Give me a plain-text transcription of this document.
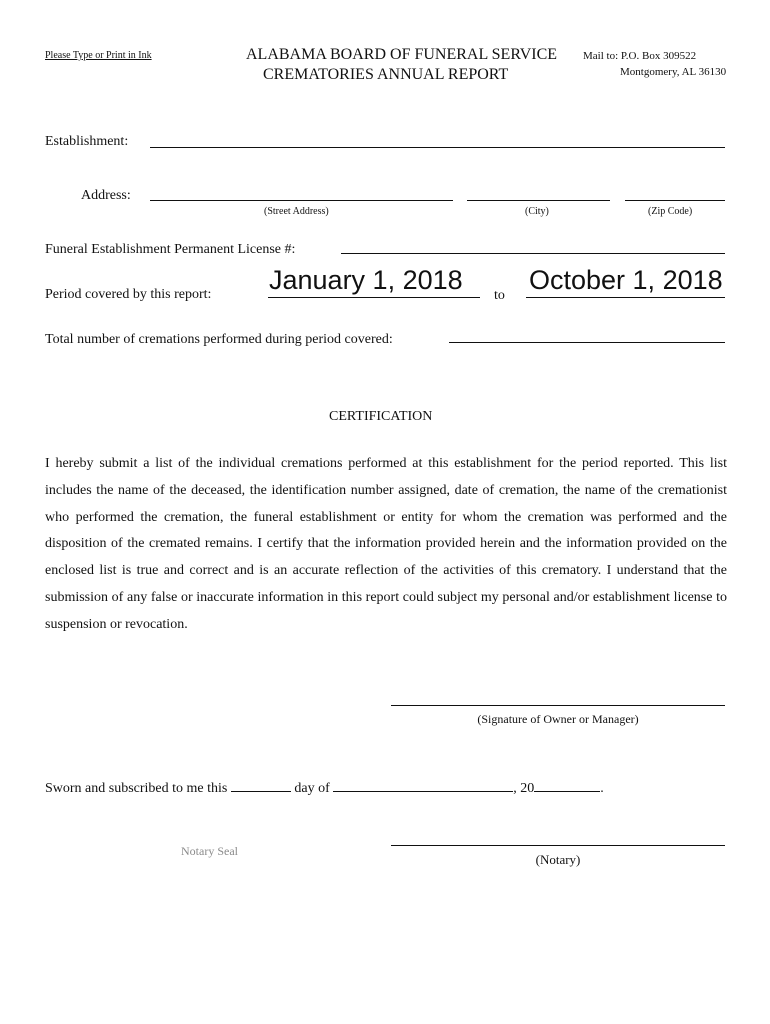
Please Type or Print in Ink	ALABAMA BOARD OF FUNERAL SERVICE
CREMATORIES ANNUAL REPORT
Mail to: P.O. Box 309522
Montgomery, AL 36130
Establishment:
Address:
(Street Address)	(City)	(Zip Code)
Funeral Establishment Permanent License #:
Period covered by this report: January 1, 2018
to
October 1, 2018
Total number of cremations performed during period covered:
CERTIFICATION
I hereby submit a list of the individual cremations performed at this establishment for the period reported. This list includes the name of the deceased, the identification number assigned, date of cremation, the name of the cremationist who performed the cremation, the funeral establishment or entity for whom the cremation was performed and the disposition of the cremated remains. I certify that the information provided herein and the information provided on the enclosed list is true and correct and is an accurate reflection of the activities of this crematory. I understand that the submission of any false or inaccurate information in this report could subject my personal and/or establishment license to suspension or revocation.
(Signature of Owner or Manager)
Sworn and subscribed to me this	day of	, 20	.
Notary Seal
(Notary)
